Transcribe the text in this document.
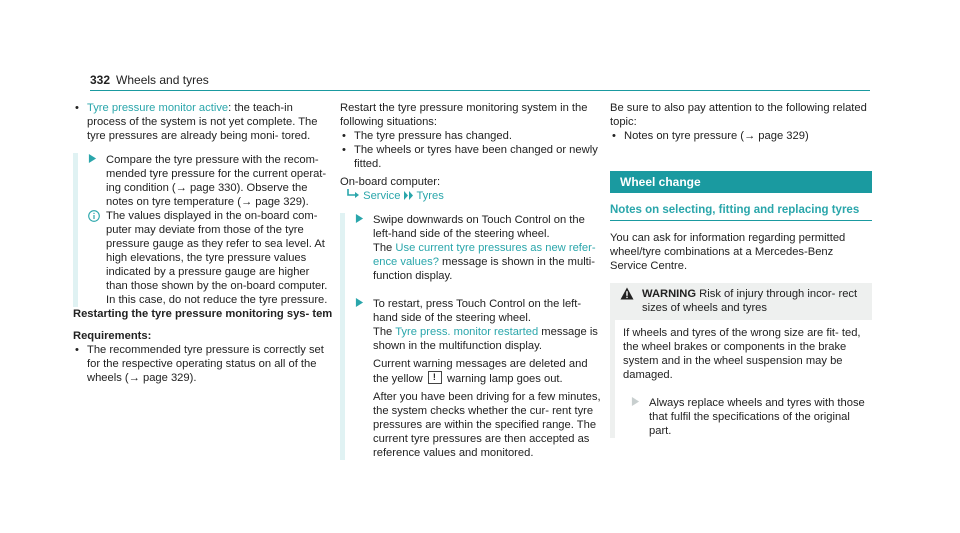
332 Wheels and tyres

• Tyre pressure monitor active: the teach-in process of the system is not yet complete. The tyre pressures are already being moni- tored.

Compare the tyre pressure with the recom- mended tyre pressure for the current operat- ing condition (→ page 330). Observe the notes on tyre temperature (→ page 329).

The values displayed in the on-board com- puter may deviate from those of the tyre pressure gauge as they refer to sea level. At high elevations, the tyre pressure values indicated by a pressure gauge are higher than those shown by the on-board computer. In this case, do not reduce the tyre pressure.

Restarting the tyre pressure monitoring sys- tem

Requirements:

• The recommended tyre pressure is correctly set for the respective operating status on all of the wheels (→ page 329).

Restart the tyre pressure monitoring system in the following situations:

• The tyre pressure has changed.

• The wheels or tyres have been changed or newly fitted.

On-board computer:

Service Tyres

Swipe downwards on Touch Control on the left-hand side of the steering wheel.

The Use current tyre pressures as new refer- ence values? message is shown in the multi- function display.

To restart, press Touch Control on the left- hand side of the steering wheel.

The Tyre press. monitor restarted message is shown in the multifunction display.

Current warning messages are deleted and the yellow ! warning lamp goes out.

After you have been driving for a few minutes, the system checks whether the cur- rent tyre pressures are within the specified range. The current tyre pressures are then accepted as reference values and monitored.

Be sure to also pay attention to the following related topic:

• Notes on tyre pressure (→ page 329)

Wheel change

Notes on selecting, fitting and replacing tyres

You can ask for information regarding permitted wheel/tyre combinations at a Mercedes-Benz Service Centre.

WARNING Risk of injury through incor- rect sizes of wheels and tyres

If wheels and tyres of the wrong size are fit- ted, the wheel brakes or components in the brake system and in the wheel suspension may be damaged.

Always replace wheels and tyres with those that fulfil the specifications of the original part.
